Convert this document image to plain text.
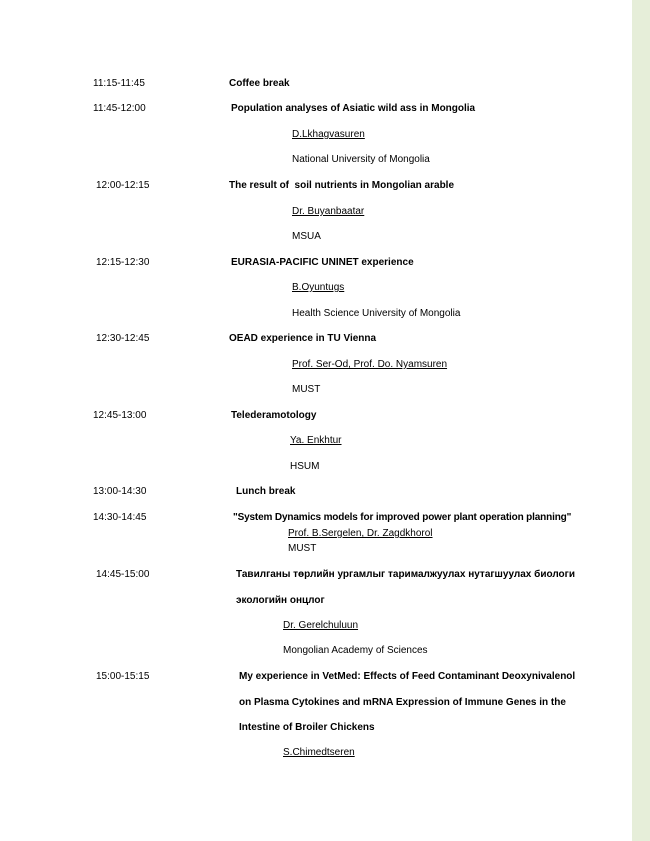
11:15-11:45	Coffee break
11:45-12:00	Population analyses of Asiatic wild ass in Mongolia
D.Lkhagvasuren
National University of Mongolia
12:00-12:15	The result of  soil nutrients in Mongolian arable
Dr. Buyanbaatar
MSUA
12:15-12:30	EURASIA-PACIFIC UNINET experience
B.Oyuntugs
Health Science University of Mongolia
12:30-12:45	OEAD experience in TU Vienna
Prof. Ser-Od, Prof. Do. Nyamsuren
MUST
12:45-13:00	Telederamotology
Ya. Enkhtur
HSUM
13:00-14:30	Lunch break
14:30-14:45	"System Dynamics models for improved power plant operation planning"
Prof. B.Sergelen, Dr. Zagdkhorol
MUST
14:45-15:00	Тавилганы төрлийн ургамлыг тарималжуулах нутагшуулах биологи
экологийн онцлог
Dr. Gerelchuluun
Mongolian Academy of Sciences
15:00-15:15	My experience in VetMed: Effects of Feed Contaminant Deoxynivalenol
on Plasma Cytokines and mRNA Expression of Immune Genes in the
Intestine of Broiler Chickens
S.Chimedtseren
